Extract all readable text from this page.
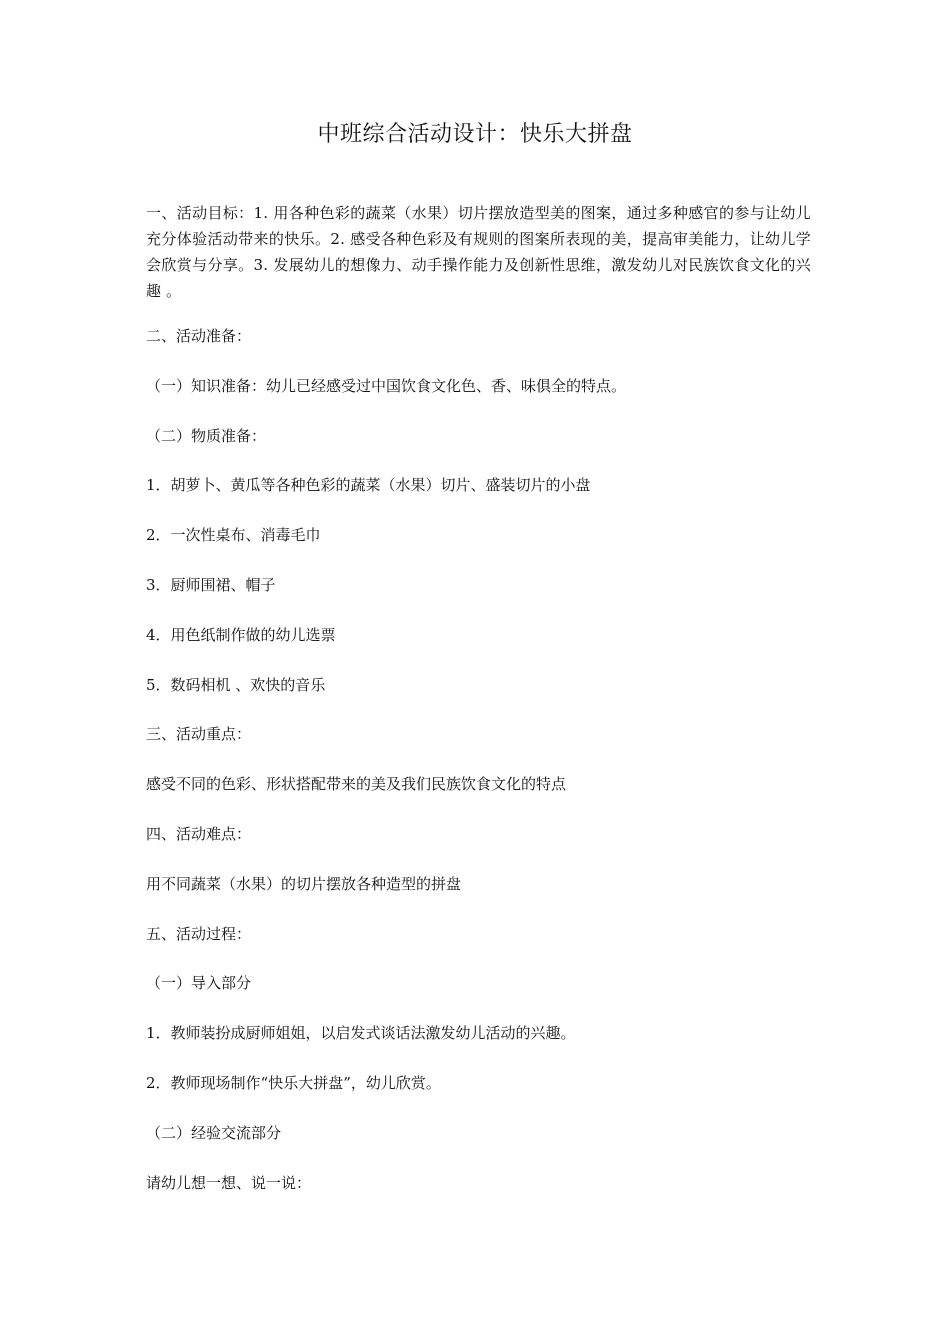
中班综合活动设计：快乐大拼盘
一、活动目标：1. 用各种色彩的蔬菜（水果）切片摆放造型美的图案，通过多种感官的参与让幼儿充分体验活动带来的快乐。2. 感受各种色彩及有规则的图案所表现的美，提高审美能力，让幼儿学会欣赏与分享。3. 发展幼儿的想像力、动手操作能力及创新性思维，激发幼儿对民族饮食文化的兴趣 。
二、活动准备：
（一）知识准备：幼儿已经感受过中国饮食文化色、香、味俱全的特点。
（二）物质准备：
1．胡萝卜、黄瓜等各种色彩的蔬菜（水果）切片、盛装切片的小盘
2．一次性桌布、消毒毛巾
3．厨师围裙、帽子
4．用色纸制作做的幼儿选票
5．数码相机 、欢快的音乐
三、活动重点：
感受不同的色彩、形状搭配带来的美及我们民族饮食文化的特点
四、活动难点：
用不同蔬菜（水果）的切片摆放各种造型的拼盘
五、活动过程：
（一）导入部分
1．教师装扮成厨师姐姐，以启发式谈话法激发幼儿活动的兴趣。
2．教师现场制作“快乐大拼盘”，幼儿欣赏。
（二）经验交流部分
请幼儿想一想、说一说：
